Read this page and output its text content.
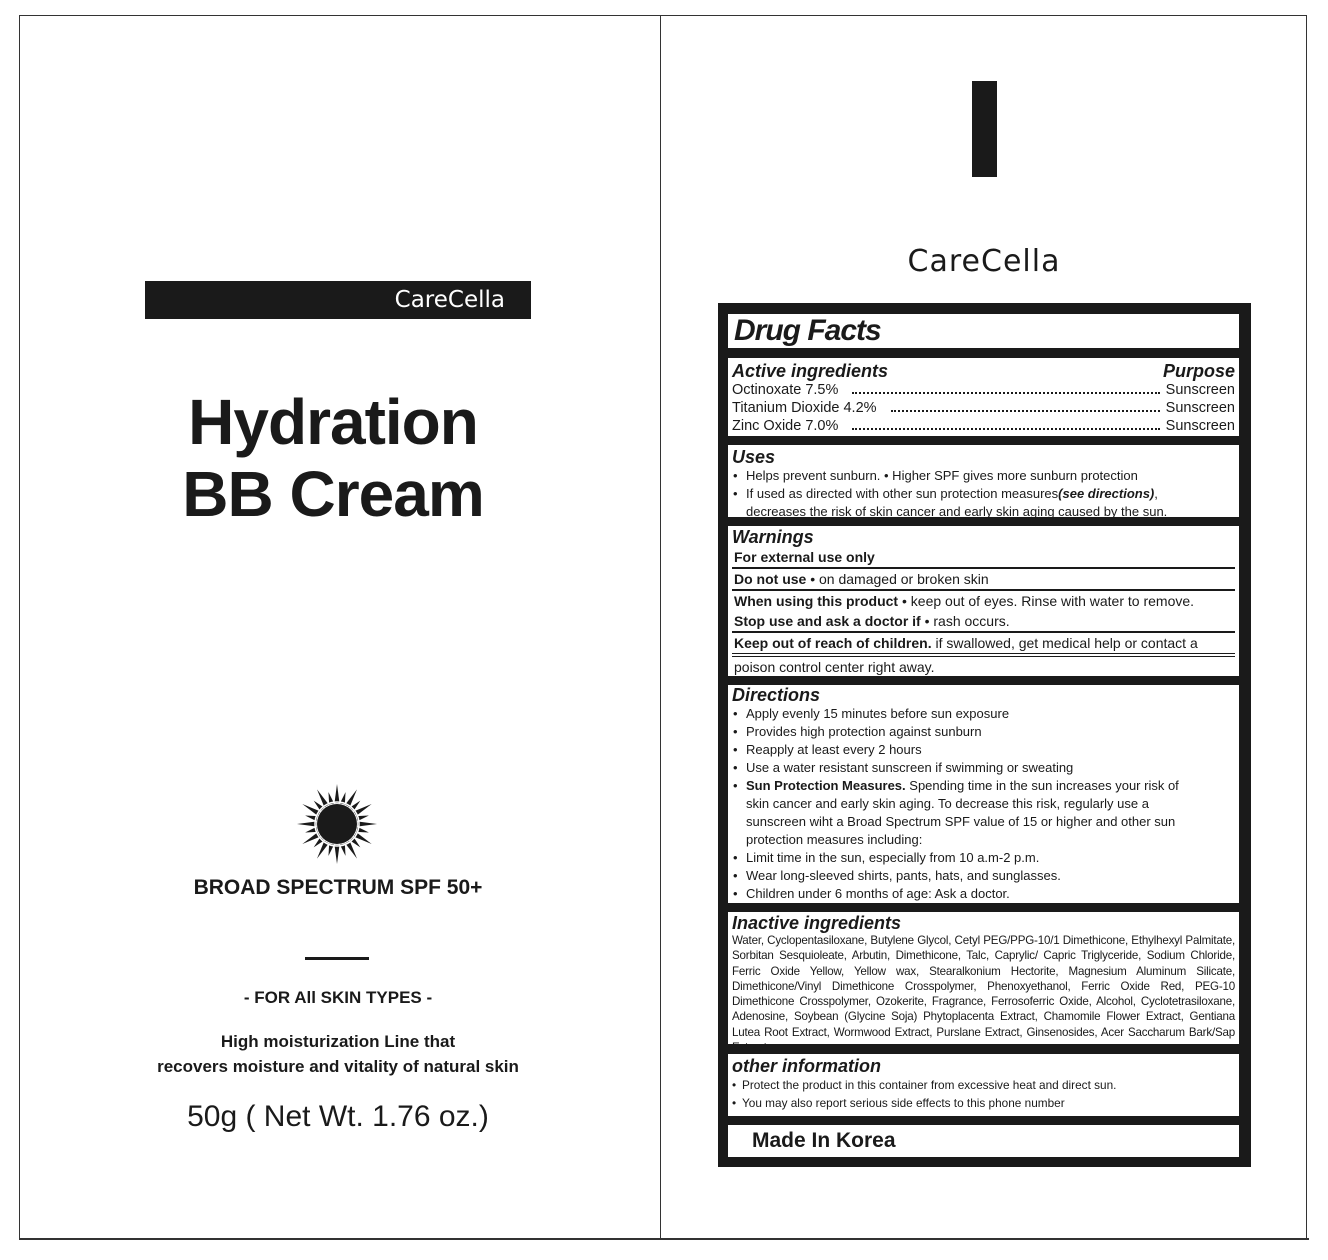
CareCella
Hydration
BB Cream
BROAD SPECTRUM SPF 50+
- FOR All SKIN TYPES -
High moisturization Line that
recovers moisture and vitality of natural skin
50g ( Net Wt. 1.76 oz.)
CareCella
Drug Facts
Active ingredients	Purpose
Octinoxate 7.5%	Sunscreen
Titanium Dioxide 4.2%	Sunscreen
Zinc Oxide 7.0%	Sunscreen
Uses
• Helps prevent sunburn. • Higher SPF gives more sunburn protection
• If used as directed with other sun protection measures(see directions),
decreases the risk of skin cancer and early skin aging caused by the sun.
Warnings
For external use only
Do not use • on damaged or broken skin
When using this product • keep out of eyes. Rinse with water to remove.
Stop use and ask a doctor if • rash occurs.
Keep out of reach of children. if swallowed, get medical help or contact a
poison control center right away.
Directions
• Apply evenly 15 minutes before sun exposure
• Provides high protection against sunburn
• Reapply at least every 2 hours
• Use a water resistant sunscreen if swimming or sweating
• Sun Protection Measures. Spending time in the sun increases your risk of
skin cancer and early skin aging. To decrease this risk, regularly use a
sunscreen wiht a Broad Spectrum SPF value of 15 or higher and other sun
protection measures including:
• Limit time in the sun, especially from 10 a.m-2 p.m.
• Wear long-sleeved shirts, pants, hats, and sunglasses.
• Children under 6 months of age: Ask a doctor.
Inactive ingredients
Water, Cyclopentasiloxane, Butylene Glycol, Cetyl PEG/PPG-10/1 Dimethicone, Ethylhexyl Palmitate, Sorbitan Sesquioleate, Arbutin, Dimethicone, Talc, Caprylic/ Capric Triglyceride, Sodium Chloride, Ferric Oxide Yellow, Yellow wax, Stearalkonium Hectorite, Magnesium Aluminum Silicate, Dimethicone/Vinyl Dimethicone Crosspolymer, Phenoxyethanol, Ferric Oxide Red, PEG-10 Dimethicone Crosspolymer, Ozokerite, Fragrance, Ferrosoferric Oxide, Alcohol, Cyclotetrasiloxane, Adenosine, Soybean (Glycine Soja) Phytoplacenta Extract, Chamomile Flower Extract, Gentiana Lutea Root Extract, Wormwood Extract, Purslane Extract, Ginsenosides, Acer Saccharum Bark/Sap Extract
other information
• Protect the product in this container from excessive heat and direct sun.
• You may also report serious side effects to this phone number
Made In Korea
